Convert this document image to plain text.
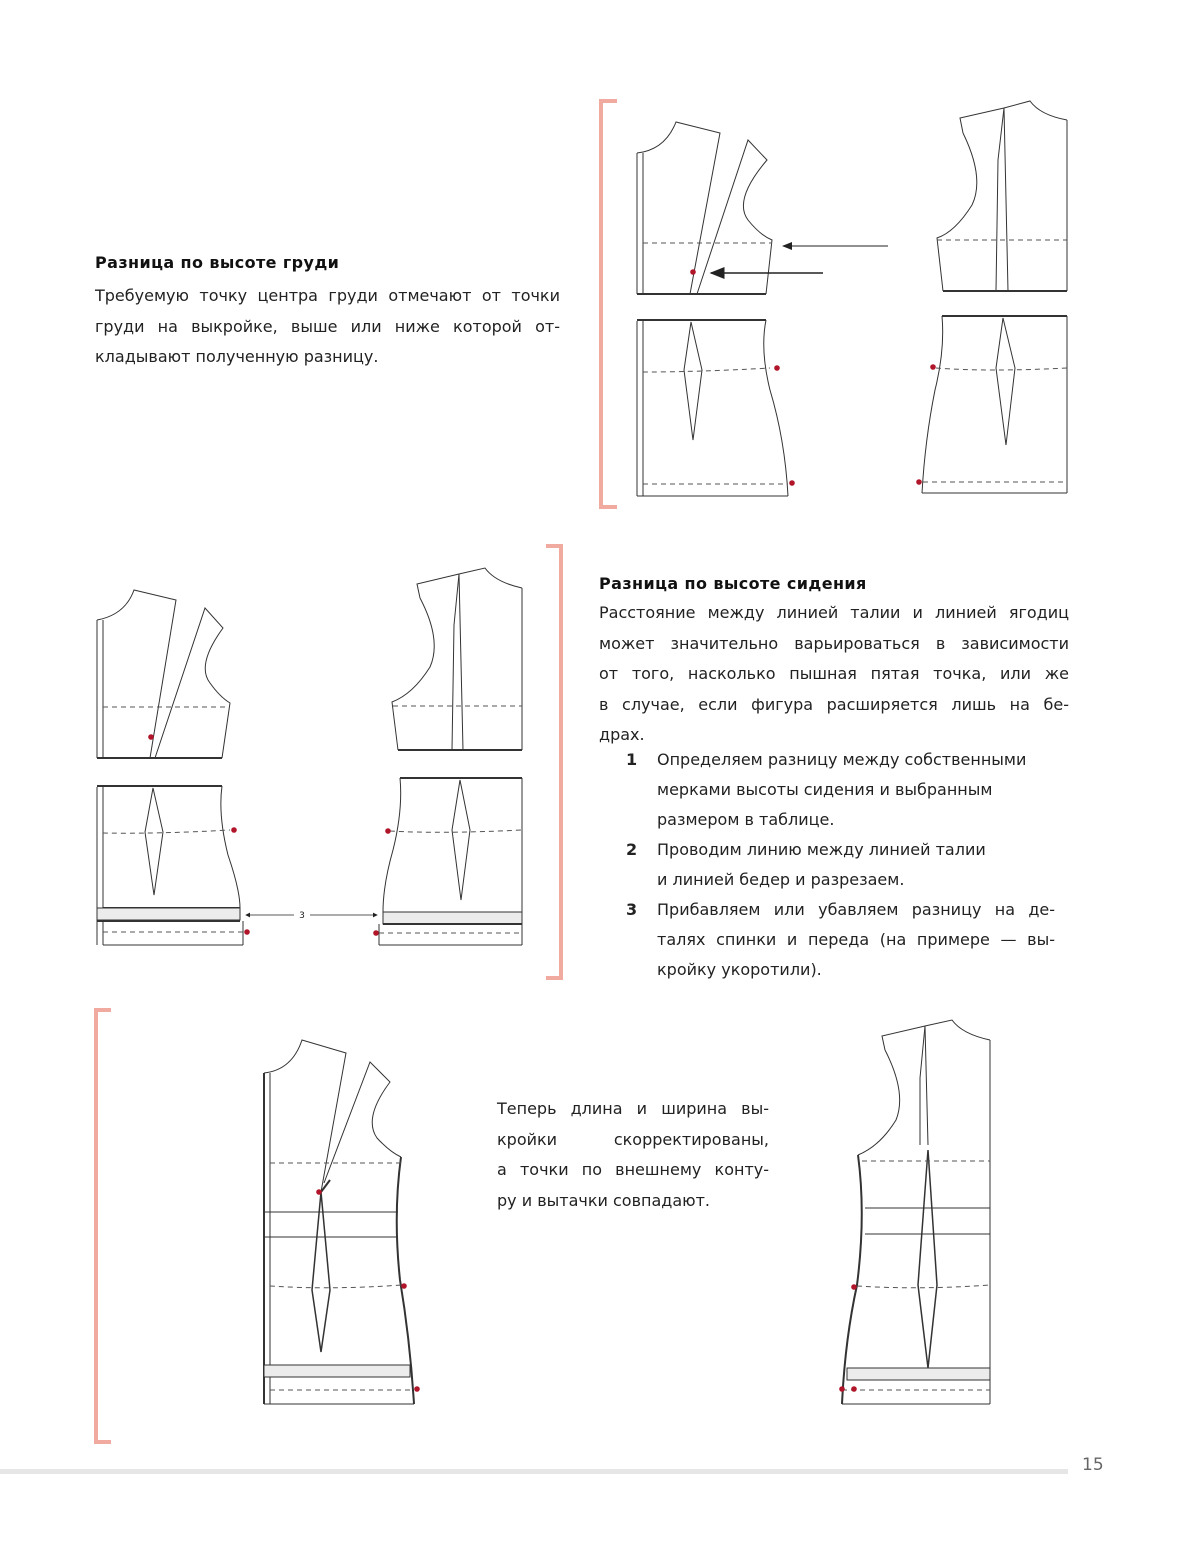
Разница по высоте груди
Требуемую точку центра груди отмечают от точки
груди на выкройке, выше или ниже которой от-
кладывают полученную разницу.
Разница по высоте сидения
Расстояние между линией талии и линией ягодиц
может значительно варьироваться в зависимости
от того, насколько пышная пятая точка, или же
в случае, если фигура расширяется лишь на бе-
драх.
1 Определяем разницу между собственными
мерками высоты сидения и выбранным
размером в таблице.
2 Проводим линию между линией талии
и линией бедер и разрезаем.
3 Прибавляем или убавляем разницу на де-
талях спинки и переда (на примере — вы-
кройку укоротили).
Теперь длина и ширина вы-
кройки скорректированы,
а точки по внешнему конту-
ру и вытачки совпадают.
3
15
